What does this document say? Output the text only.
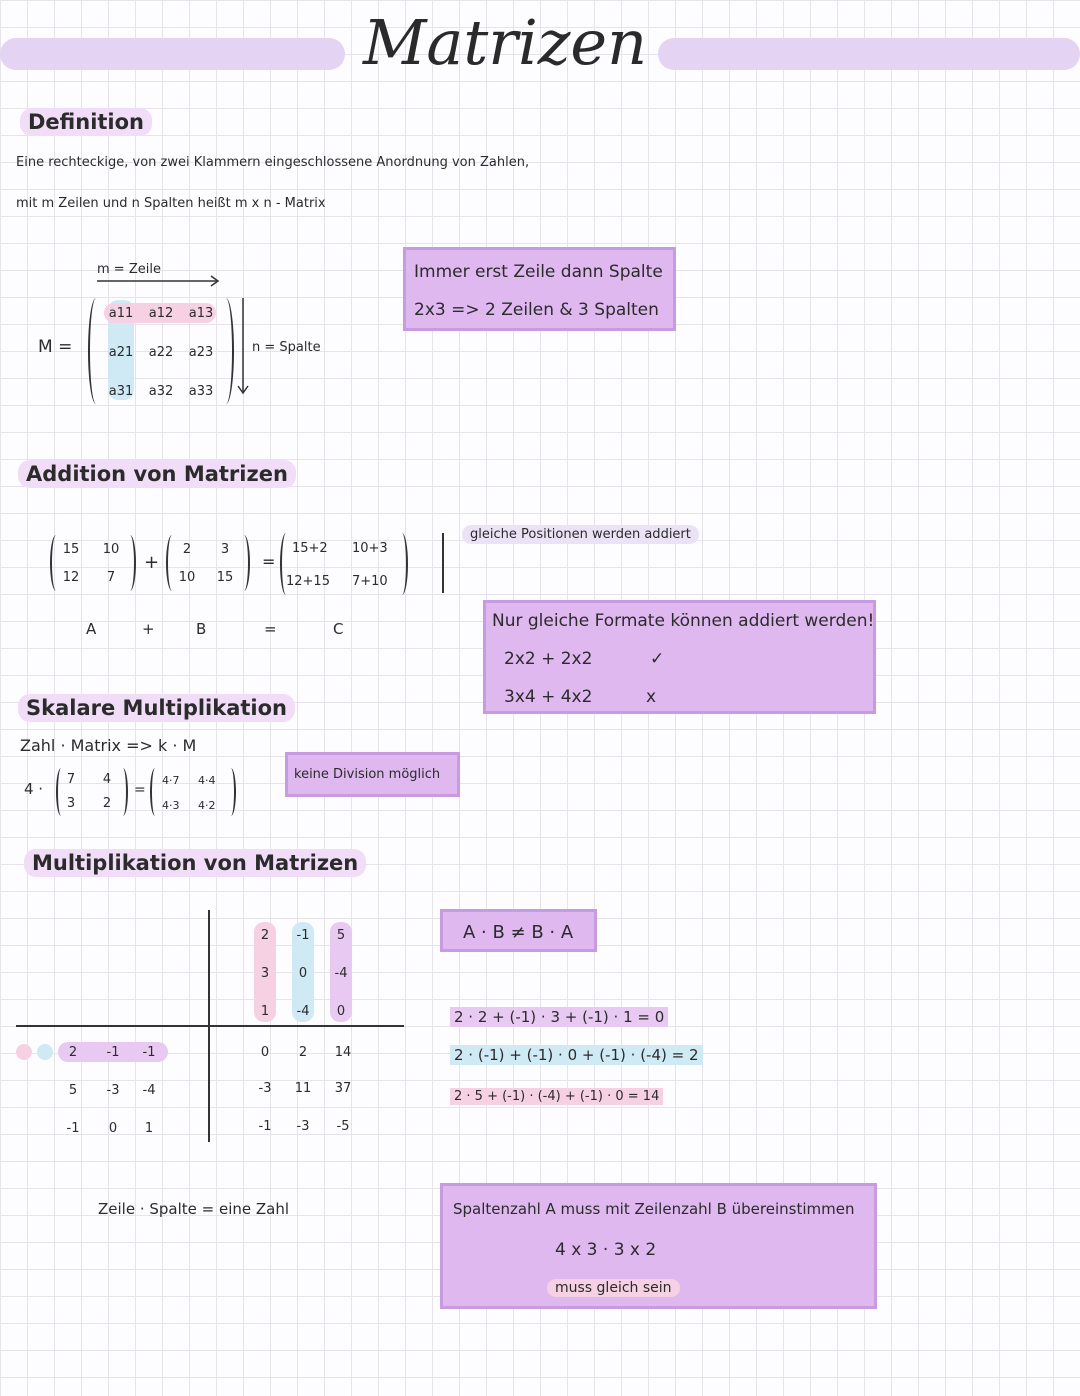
Matrizen
Definition
Eine rechteckige, von zwei Klammern eingeschlossene Anordnung von Zahlen,
mit m Zeilen und n Spalten heißt m x n - Matrix
M =
m = Zeile
a11 a12 a13
a21 a22 a23
a31 a32 a33
n = Spalte
Immer erst Zeile dann Spalte
2x3 => 2 Zeilen & 3 Spalten
Addition von Matrizen
15	10
12	7
+
2	3
10	15
=
15+2 10+3
12+15 7+10
A	+	B	=	C
gleiche Positionen werden addiert
Nur gleiche Formate können addiert werden!
2x2 + 2x2	✓
3x4 + 4x2	x
Skalare Multiplikation
Zahl · Matrix => k · M
4 ·
7	4
3	2
=
4·7 4·4
4·3 4·2
keine Division möglich
Multiplikation von Matrizen
2	-1	5
3	0	-4
1	-4	0
2	-1	-1
5	-3	-4
-1	0	1
0	2	14
-3	11	37
-1	-3	-5
Zeile · Spalte = eine Zahl
A · B ≠ B · A
2 · 2 + (-1) · 3 + (-1) · 1 = 0
2 · (-1) + (-1) · 0 + (-1) · (-4) = 2
2 · 5 + (-1) · (-4) + (-1) · 0 = 14
Spaltenzahl A muss mit Zeilenzahl B übereinstimmen
4 x 3 · 3 x 2
muss gleich sein
